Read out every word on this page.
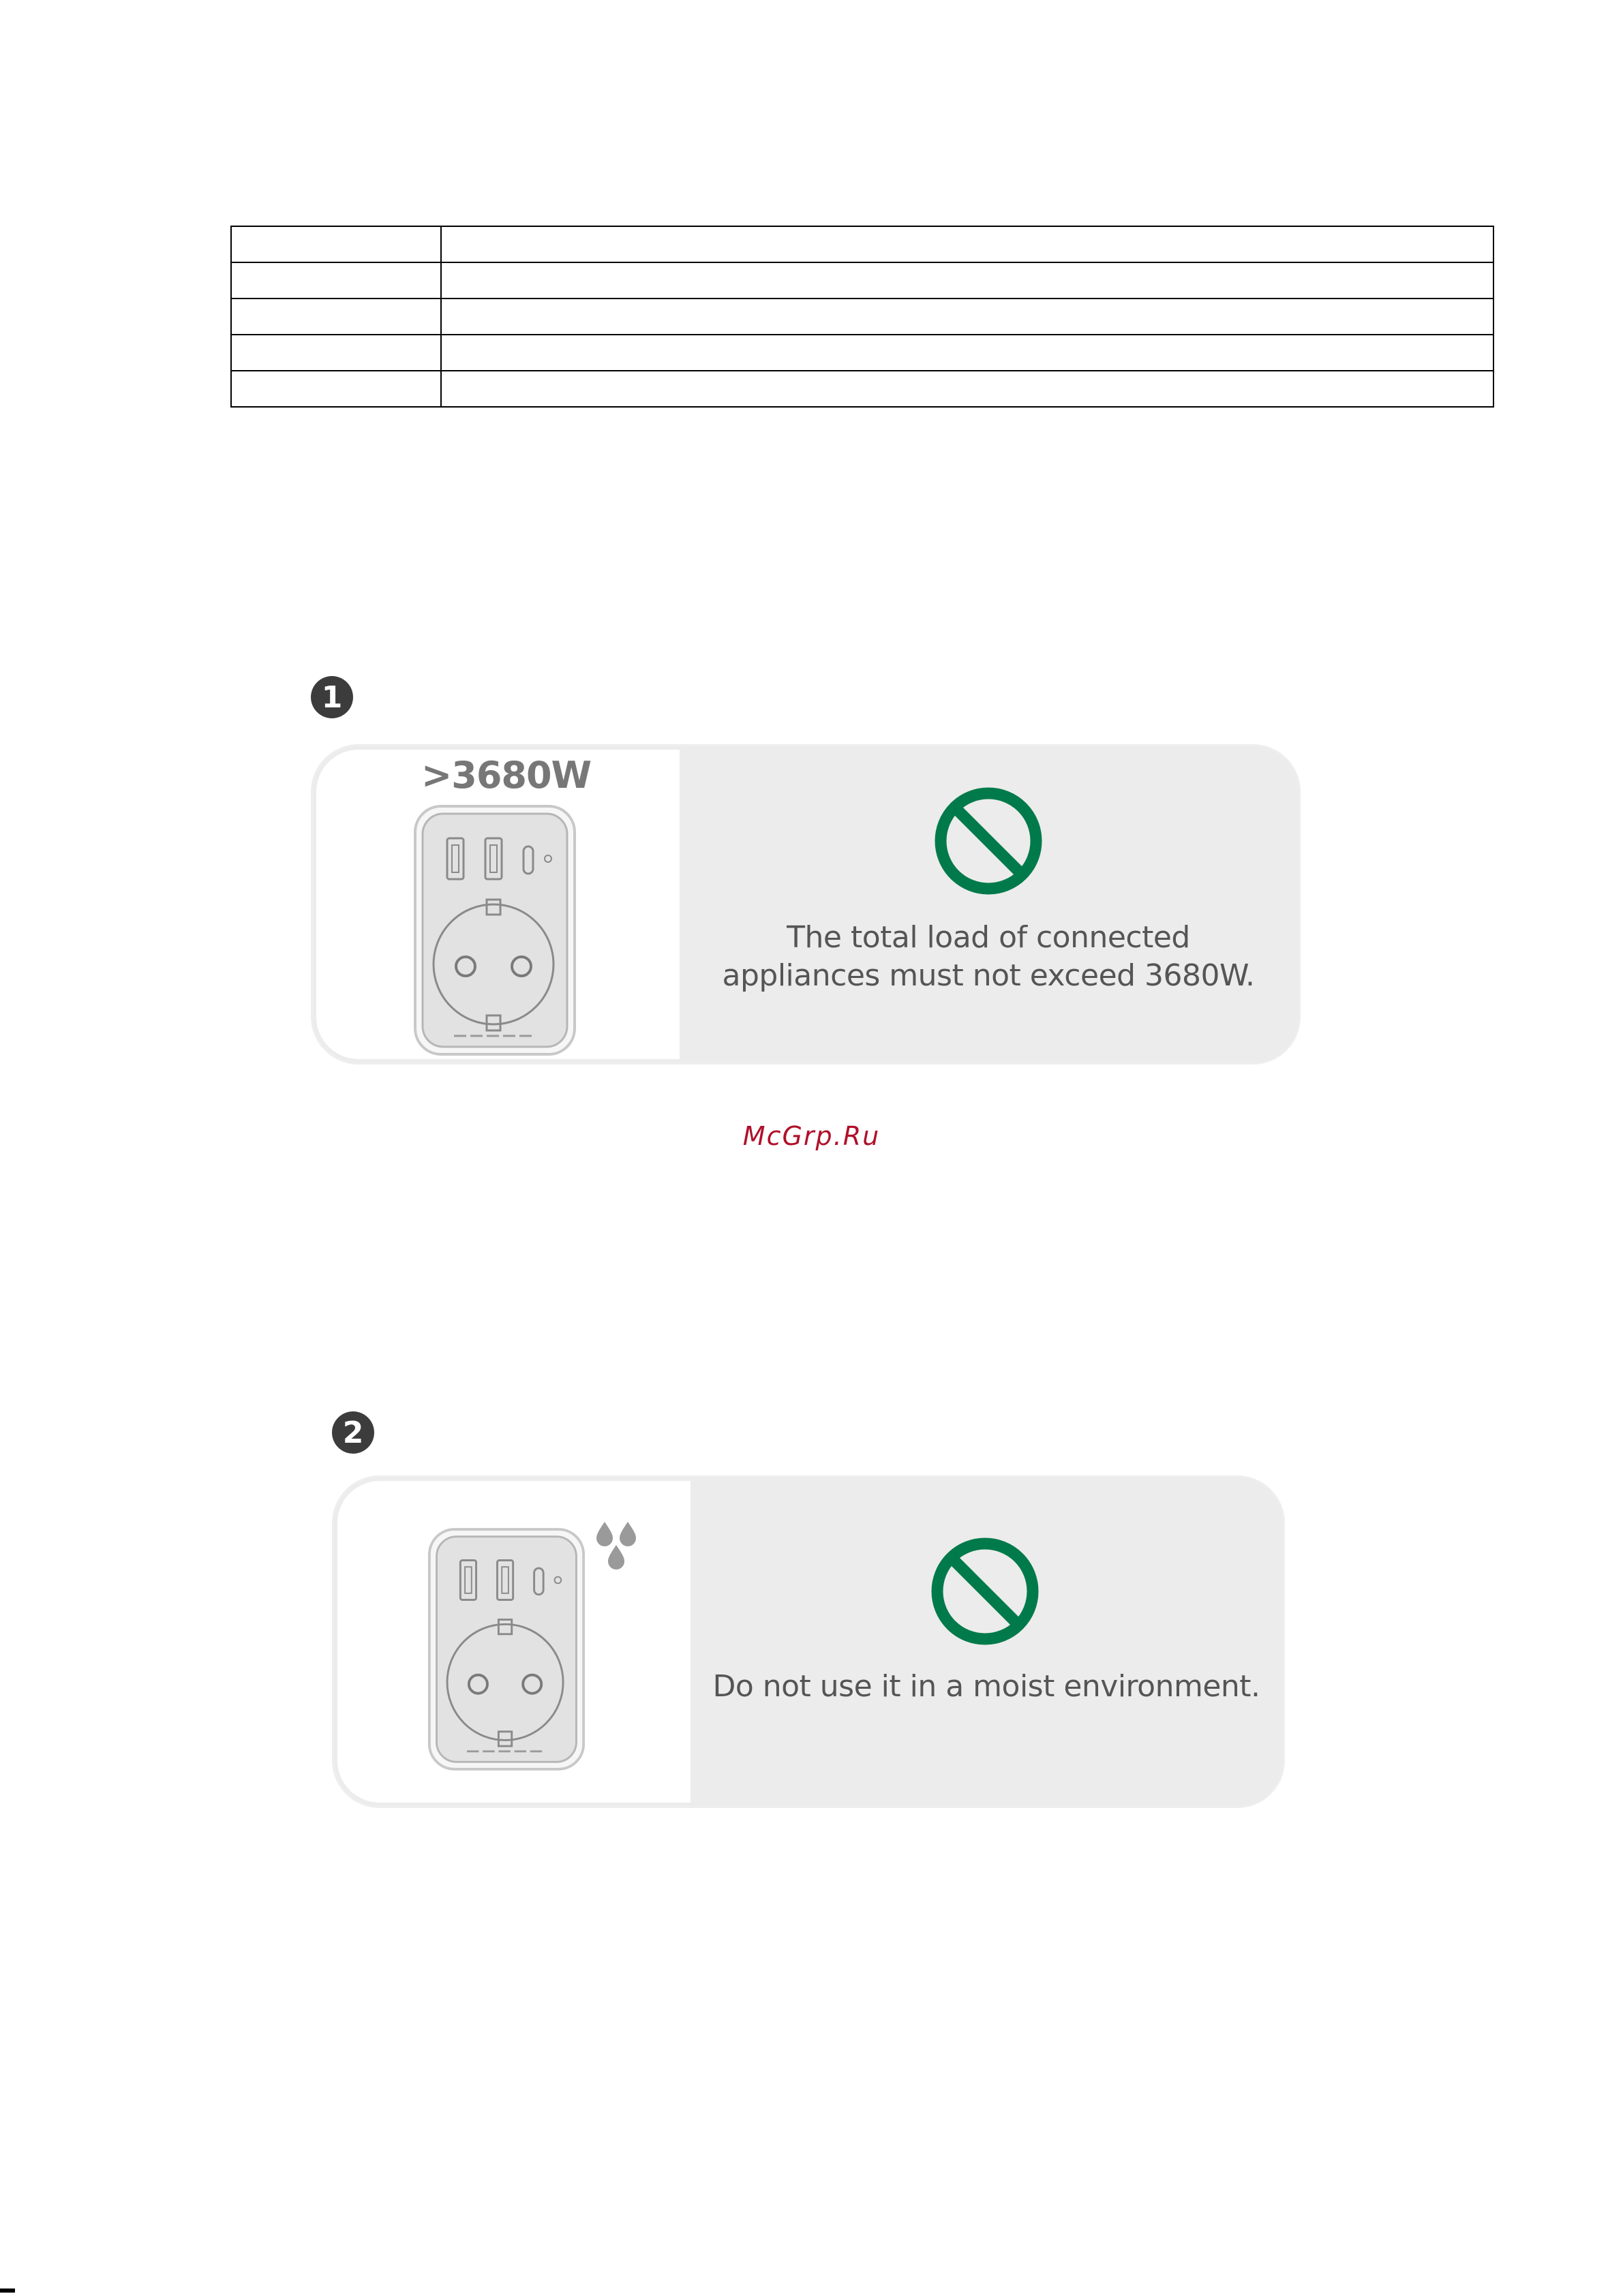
1
>3680W
The total load of connected
appliances must not exceed 3680W.
McGrp.Ru
2
Do not use it in a moist environment.
